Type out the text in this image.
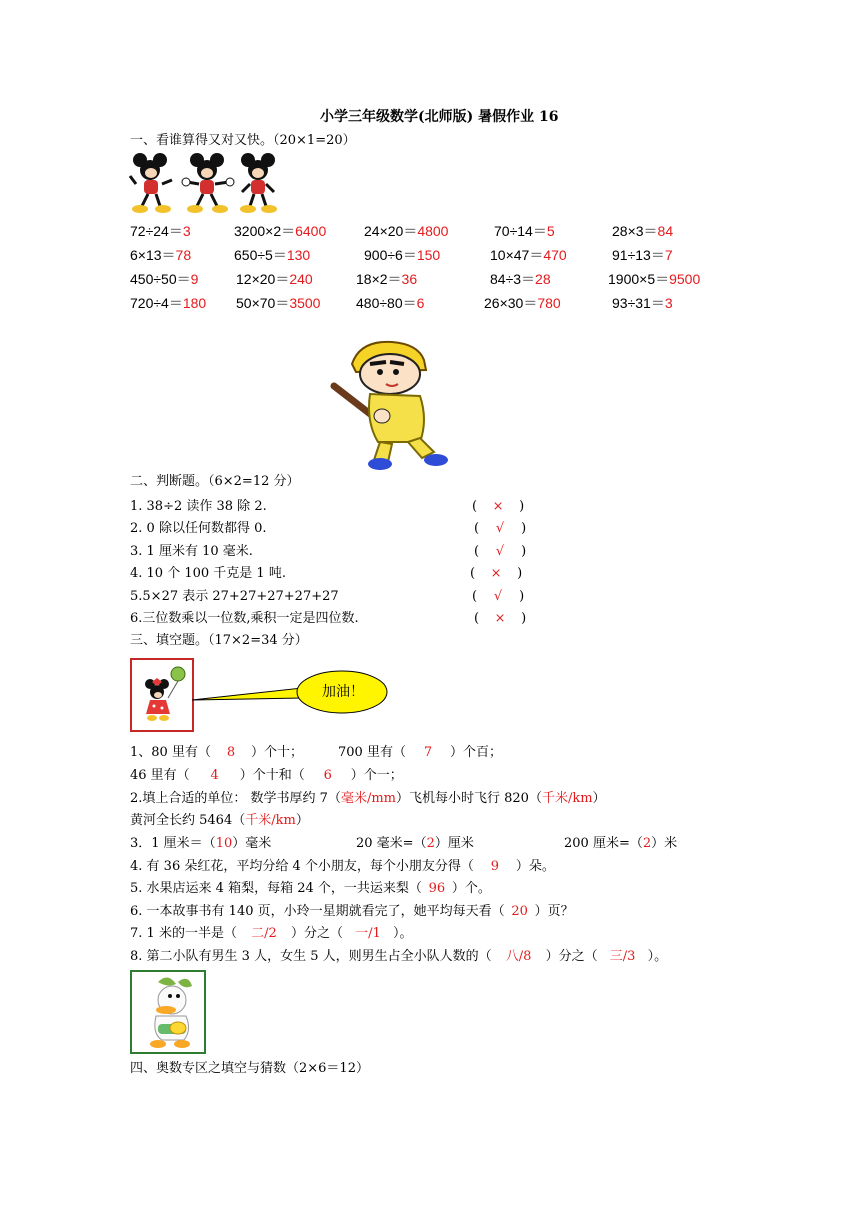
小学三年级数学(北师版) 暑假作业 16
一、看谁算得又对又快。（20×1=20）
72÷24＝3	3200×2＝6400	24×20＝4800	70÷14＝5	28×3＝84
6×13＝78	650÷5＝130	900÷6＝150	10×47＝470	91÷13＝7
450÷50＝9	12×20＝240	18×2＝36	84÷3＝28	1900×5＝9500
720÷4＝180 50×70＝3500	480÷80＝6	26×30＝780	93÷31＝3
二、判断题。（6×2=12 分）
1. 38÷2 读作 38 除 2.	( × )
2. 0 除以任何数都得 0.	( √ )
3. 1 厘米有 10 毫米.	( √ )
4. 10 个 100 千克是 1 吨.	( × )
5.5×27 表示 27+27+27+27+27	( √ )
6.三位数乘以一位数,乘积一定是四位数.	( × )
三、填空题。（17×2=34 分）
加油！
1、80 里有（ 8 ）个十；	700 里有（ 7 ）个百；
46 里有（ 4 ）个十和（ 6 ）个一；
2.填上合适的单位： 数学书厚约 7（毫米/mm）飞机每小时飞行 820（千米/km）
黄河全长约 5464（千米/km）
3．1 厘米＝（10）毫米	20 毫米=（2）厘米	200 厘米=（2）米
4. 有 36 朵红花，平均分给 4 个小朋友，每个小朋友分得（ 9 ）朵。
5. 水果店运来 4 箱梨，每箱 24 个，一共运来梨（ 96 ）个。
6. 一本故事书有 140 页，小玲一星期就看完了，她平均每天看（ 20 ）页？
7. 1 米的一半是（ 二/2 ）分之（ 一/1 ）。
8. 第二小队有男生 3 人，女生 5 人，则男生占全小队人数的（ 八/8 ）分之（ 三/3 ）。
四、奥数专区之填空与猜数（2×6＝12）
